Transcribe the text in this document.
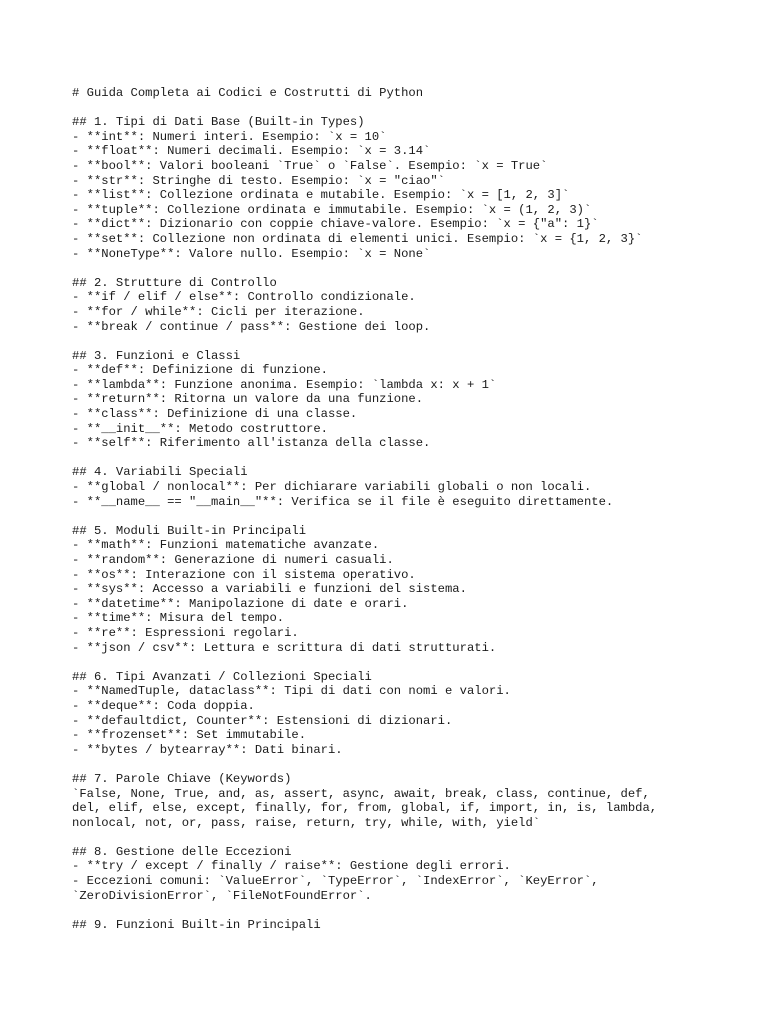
# Guida Completa ai Codici e Costrutti di Python
## 1. Tipi di Dati Base (Built-in Types)
- **int**: Numeri interi. Esempio: `x = 10`
- **float**: Numeri decimali. Esempio: `x = 3.14`
- **bool**: Valori booleani `True` o `False`. Esempio: `x = True`
- **str**: Stringhe di testo. Esempio: `x = "ciao"`
- **list**: Collezione ordinata e mutabile. Esempio: `x = [1, 2, 3]`
- **tuple**: Collezione ordinata e immutabile. Esempio: `x = (1, 2, 3)`
- **dict**: Dizionario con coppie chiave-valore. Esempio: `x = {"a": 1}`
- **set**: Collezione non ordinata di elementi unici. Esempio: `x = {1, 2, 3}`
- **NoneType**: Valore nullo. Esempio: `x = None`
## 2. Strutture di Controllo
- **if / elif / else**: Controllo condizionale.
- **for / while**: Cicli per iterazione.
- **break / continue / pass**: Gestione dei loop.
## 3. Funzioni e Classi
- **def**: Definizione di funzione.
- **lambda**: Funzione anonima. Esempio: `lambda x: x + 1`
- **return**: Ritorna un valore da una funzione.
- **class**: Definizione di una classe.
- **__init__**: Metodo costruttore.
- **self**: Riferimento all'istanza della classe.
## 4. Variabili Speciali
- **global / nonlocal**: Per dichiarare variabili globali o non locali.
- **__name__ == "__main__"**: Verifica se il file è eseguito direttamente.
## 5. Moduli Built-in Principali
- **math**: Funzioni matematiche avanzate.
- **random**: Generazione di numeri casuali.
- **os**: Interazione con il sistema operativo.
- **sys**: Accesso a variabili e funzioni del sistema.
- **datetime**: Manipolazione di date e orari.
- **time**: Misura del tempo.
- **re**: Espressioni regolari.
- **json / csv**: Lettura e scrittura di dati strutturati.
## 6. Tipi Avanzati / Collezioni Speciali
- **NamedTuple, dataclass**: Tipi di dati con nomi e valori.
- **deque**: Coda doppia.
- **defaultdict, Counter**: Estensioni di dizionari.
- **frozenset**: Set immutabile.
- **bytes / bytearray**: Dati binari.
## 7. Parole Chiave (Keywords)
`False, None, True, and, as, assert, async, await, break, class, continue, def,
del, elif, else, except, finally, for, from, global, if, import, in, is, lambda,
nonlocal, not, or, pass, raise, return, try, while, with, yield`
## 8. Gestione delle Eccezioni
- **try / except / finally / raise**: Gestione degli errori.
- Eccezioni comuni: `ValueError`, `TypeError`, `IndexError`, `KeyError`,
`ZeroDivisionError`, `FileNotFoundError`.
## 9. Funzioni Built-in Principali
